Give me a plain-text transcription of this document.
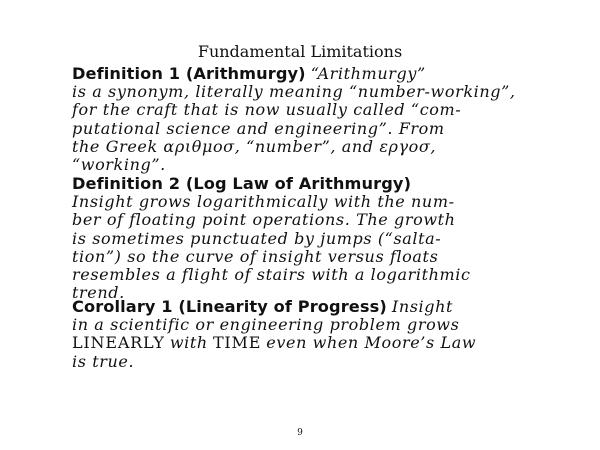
Fundamental Limitations
Definition 1 (Arithmurgy) “Arithmurgy”
is a synonym, literally meaning “number-working”,
for the craft that is now usually called “com-
putational science and engineering”. From
the Greek αριθμοσ, “number”, and εργοσ,
“working”.
Definition 2 (Log Law of Arithmurgy)
Insight grows logarithmically with the num-
ber of floating point operations. The growth
is sometimes punctuated by jumps (“salta-
tion”) so the curve of insight versus floats
resembles a flight of stairs with a logarithmic
trend.
Corollary 1 (Linearity of Progress) Insight
in a scientific or engineering problem grows
LINEARLY with TIME even when Moore’s Law
is true.
9
